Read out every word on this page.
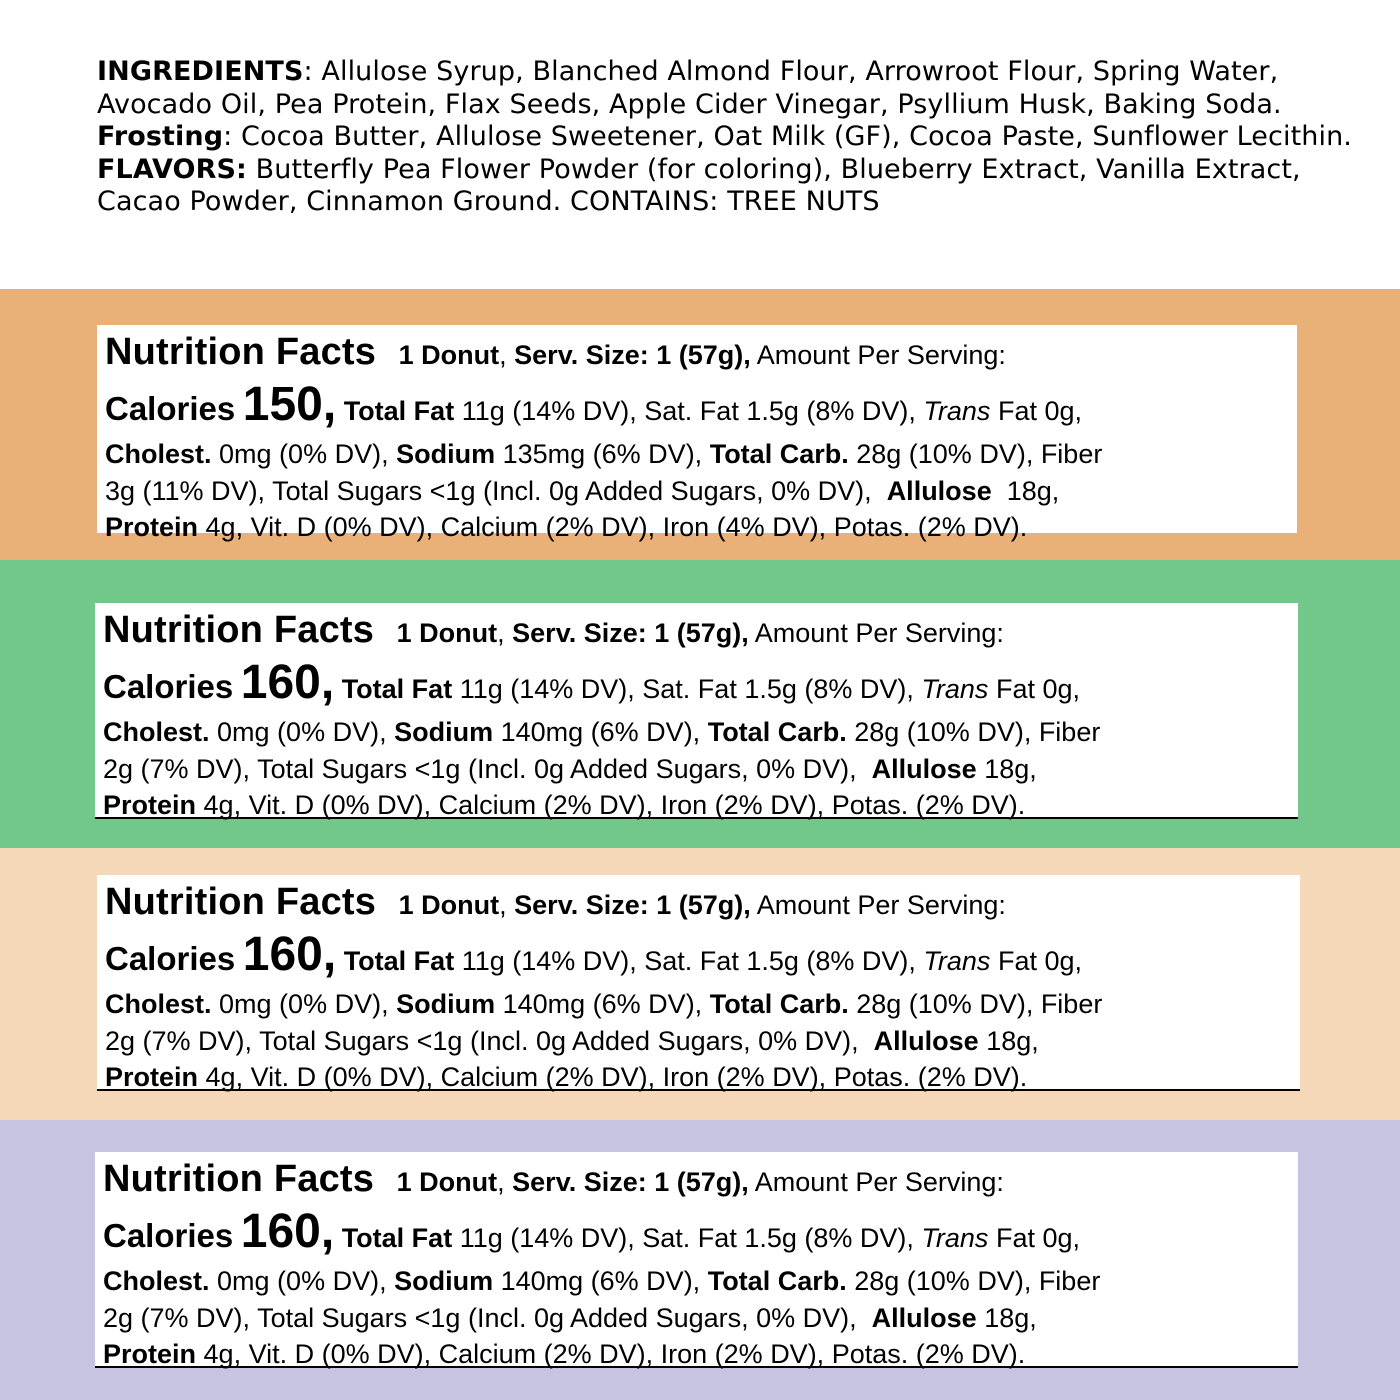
INGREDIENTS: Allulose Syrup, Blanched Almond Flour, Arrowroot Flour, Spring Water, Avocado Oil, Pea Protein, Flax Seeds, Apple Cider Vinegar, Psyllium Husk, Baking Soda. Frosting: Cocoa Butter, Allulose Sweetener, Oat Milk (GF), Cocoa Paste, Sunflower Lecithin.
FLAVORS: Butterfly Pea Flower Powder (for coloring), Blueberry Extract, Vanilla Extract, Cacao Powder, Cinnamon Ground. CONTAINS: TREE NUTS
Nutrition Facts 1 Donut, Serv. Size: 1 (57g), Amount Per Serving:
Calories 150, Total Fat 11g (14% DV), Sat. Fat 1.5g (8% DV), Trans Fat 0g,
Cholest. 0mg (0% DV), Sodium 135mg (6% DV), Total Carb. 28g (10% DV), Fiber
3g (11% DV), Total Sugars <1g (Incl. 0g Added Sugars, 0% DV), Allulose 18g,
Protein 4g, Vit. D (0% DV), Calcium (2% DV), Iron (4% DV), Potas. (2% DV).
Nutrition Facts 1 Donut, Serv. Size: 1 (57g), Amount Per Serving:
Calories 160, Total Fat 11g (14% DV), Sat. Fat 1.5g (8% DV), Trans Fat 0g,
Cholest. 0mg (0% DV), Sodium 140mg (6% DV), Total Carb. 28g (10% DV), Fiber
2g (7% DV), Total Sugars <1g (Incl. 0g Added Sugars, 0% DV), Allulose 18g,
Protein 4g, Vit. D (0% DV), Calcium (2% DV), Iron (2% DV), Potas. (2% DV).
Nutrition Facts 1 Donut, Serv. Size: 1 (57g), Amount Per Serving:
Calories 160, Total Fat 11g (14% DV), Sat. Fat 1.5g (8% DV), Trans Fat 0g,
Cholest. 0mg (0% DV), Sodium 140mg (6% DV), Total Carb. 28g (10% DV), Fiber
2g (7% DV), Total Sugars <1g (Incl. 0g Added Sugars, 0% DV), Allulose 18g,
Protein 4g, Vit. D (0% DV), Calcium (2% DV), Iron (2% DV), Potas. (2% DV).
Nutrition Facts 1 Donut, Serv. Size: 1 (57g), Amount Per Serving:
Calories 160, Total Fat 11g (14% DV), Sat. Fat 1.5g (8% DV), Trans Fat 0g,
Cholest. 0mg (0% DV), Sodium 140mg (6% DV), Total Carb. 28g (10% DV), Fiber
2g (7% DV), Total Sugars <1g (Incl. 0g Added Sugars, 0% DV), Allulose 18g,
Protein 4g, Vit. D (0% DV), Calcium (2% DV), Iron (2% DV), Potas. (2% DV).
